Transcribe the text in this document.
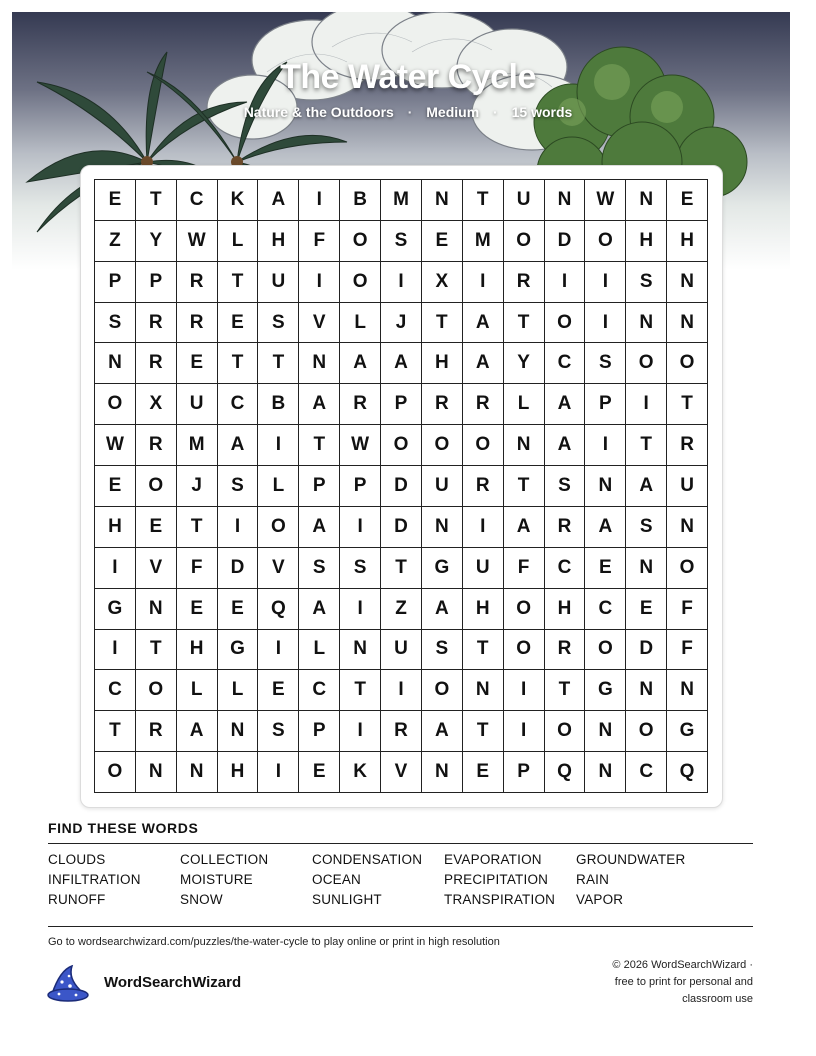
The Water Cycle
Nature & the Outdoors · Medium · 15 words
E	T	C	K	A	I	B	M	N	T	U	N	W	N	E
Z	Y	W	L	H	F	O	S	E	M	O	D	O	H	H
P	P	R	T	U	I	O	I	X	I	R	I	I	S	N
S	R	R	E	S	V	L	J	T	A	T	O	I	N	N
N	R	E	T	T	N	A	A	H	A	Y	C	S	O	O
O	X	U	C	B	A	R	P	R	R	L	A	P	I	T
W	R	M	A	I	T	W	O	O	O	N	A	I	T	R
E	O	J	S	L	P	P	D	U	R	T	S	N	A	U
H	E	T	I	O	A	I	D	N	I	A	R	A	S	N
I	V	F	D	V	S	S	T	G	U	F	C	E	N	O
G	N	E	E	Q	A	I	Z	A	H	O	H	C	E	F
I	T	H	G	I	L	N	U	S	T	O	R	O	D	F
C	O	L	L	E	C	T	I	O	N	I	T	G	N	N
T	R	A	N	S	P	I	R	A	T	I	O	N	O	G
O	N	N	H	I	E	K	V	N	E	P	Q	N	C	Q
FIND THESE WORDS
CLOUDS	COLLECTION	CONDENSATION	EVAPORATION	GROUNDWATER
INFILTRATION	MOISTURE	OCEAN	PRECIPITATION	RAIN
RUNOFF	SNOW	SUNLIGHT	TRANSPIRATION	VAPOR
Go to wordsearchwizard.com/puzzles/the-water-cycle to play online or print in high resolution
WordSearchWizard
© 2026 WordSearchWizard ·
free to print for personal and
classroom use
